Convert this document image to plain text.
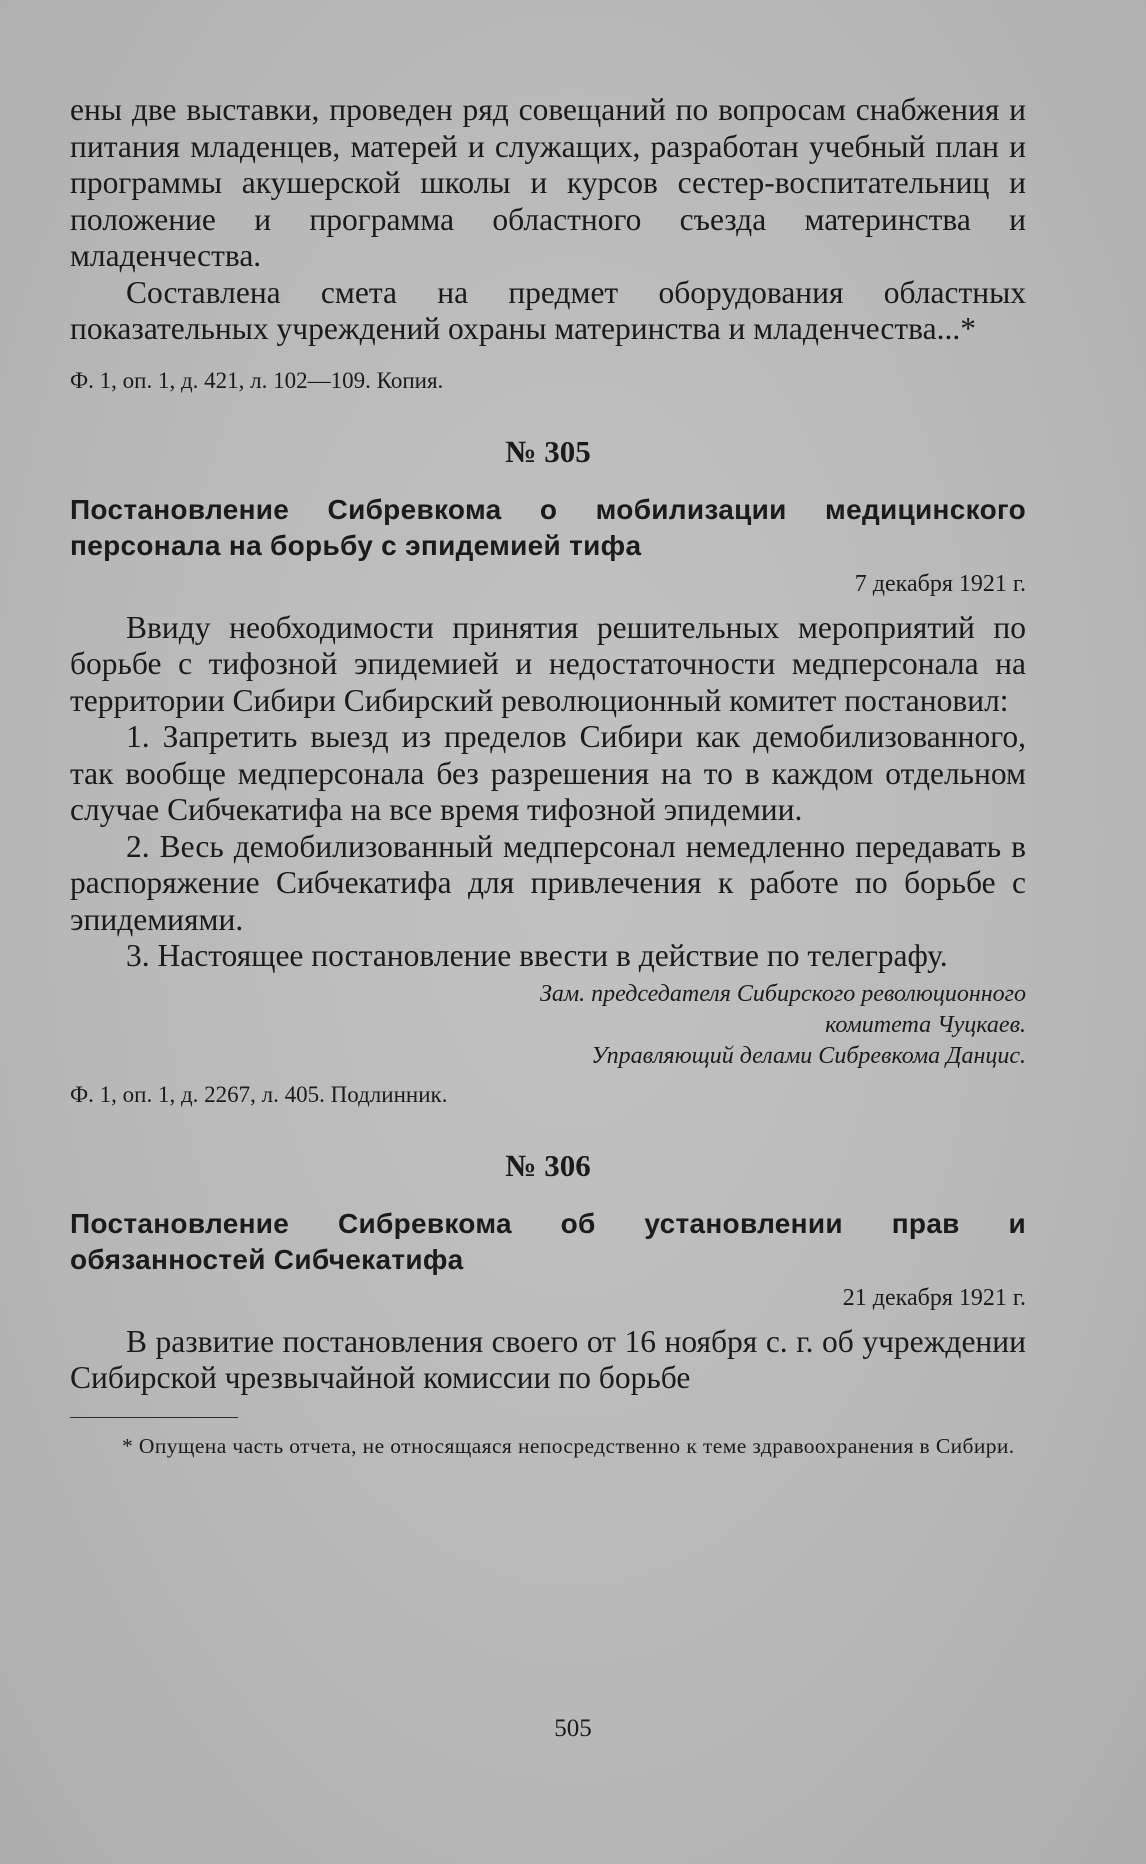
ены две выставки, проведен ряд совещаний по вопросам снабжения и питания младенцев, матерей и служащих, разработан учебный план и программы акушерской школы и курсов сестер-воспитательниц и положение и программа областного съезда материнства и младенчества.

Составлена смета на предмет оборудования областных показательных учреждений охраны материнства и младенчества...*

Ф. 1, оп. 1, д. 421, л. 102—109. Копия.

№ 305

Постановление Сибревкома о мобилизации медицинского персонала на борьбу с эпидемией тифа

7 декабря 1921 г.

Ввиду необходимости принятия решительных мероприятий по борьбе с тифозной эпидемией и недостаточности медперсонала на территории Сибири Сибирский революционный комитет постановил:

1. Запретить выезд из пределов Сибири как демобилизованного, так вообще медперсонала без разрешения на то в каждом отдельном случае Сибчекатифа на все время тифозной эпидемии.

2. Весь демобилизованный медперсонал немедленно передавать в распоряжение Сибчекатифа для привлечения к работе по борьбе с эпидемиями.

3. Настоящее постановление ввести в действие по телеграфу.

Зам. председателя Сибирского революционного
комитета Чуцкаев.
Управляющий делами Сибревкома Данцис.

Ф. 1, оп. 1, д. 2267, л. 405. Подлинник.

№ 306

Постановление Сибревкома об установлении прав и обязанностей Сибчекатифа

21 декабря 1921 г.

В развитие постановления своего от 16 ноября с. г. об учреждении Сибирской чрезвычайной комиссии по борьбе

* Опущена часть отчета, не относящаяся непосредственно к теме здравоохранения в Сибири.

505
